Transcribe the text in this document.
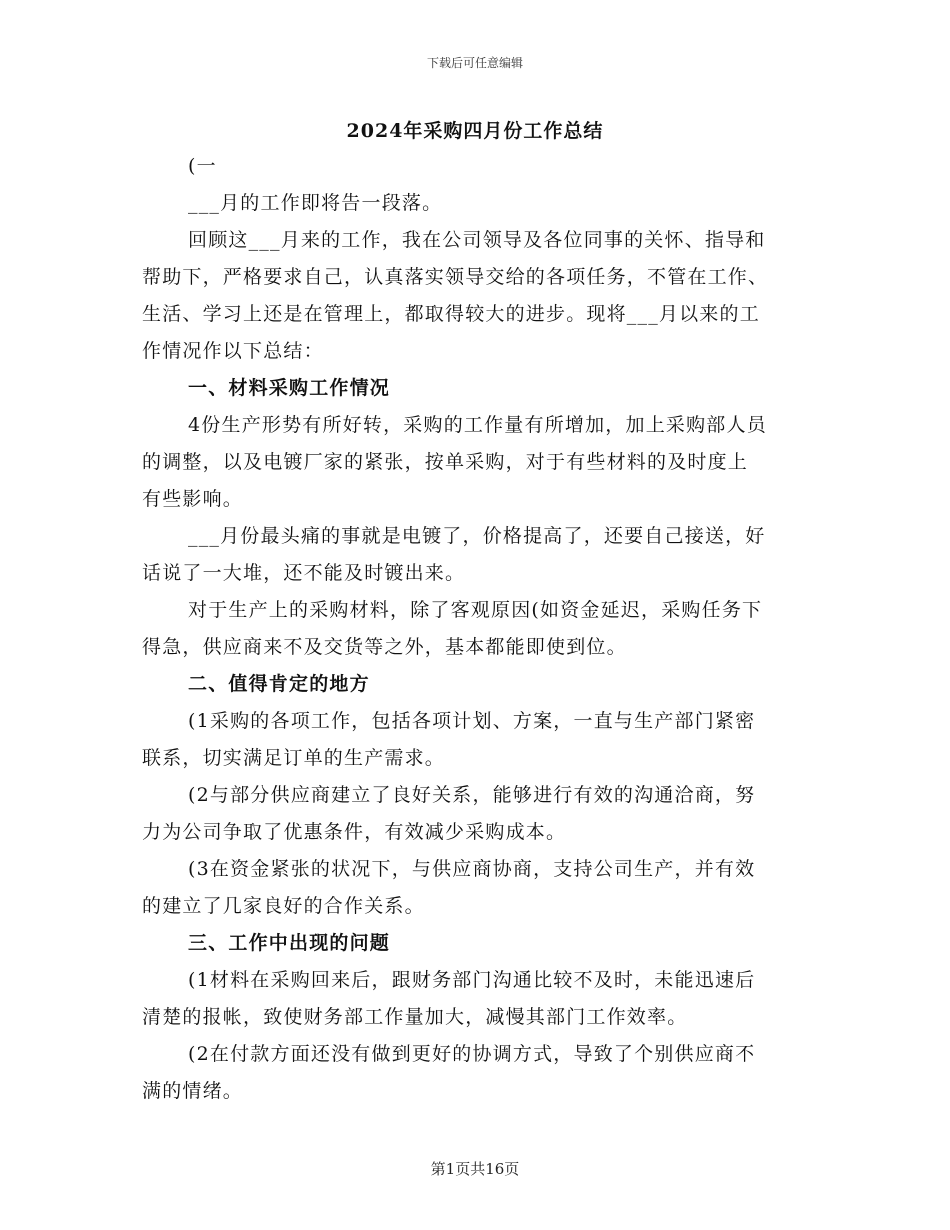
下载后可任意编辑
2024年采购四月份工作总结
(一
___月的工作即将告一段落。
回顾这___月来的工作，我在公司领导及各位同事的关怀、指导和
帮助下，严格要求自己，认真落实领导交给的各项任务，不管在工作、
生活、学习上还是在管理上，都取得较大的进步。现将___月以来的工
作情况作以下总结：
一、材料采购工作情况
4份生产形势有所好转，采购的工作量有所增加，加上采购部人员
的调整，以及电镀厂家的紧张，按单采购，对于有些材料的及时度上
有些影响。
___月份最头痛的事就是电镀了，价格提高了，还要自己接送，好
话说了一大堆，还不能及时镀出来。
对于生产上的采购材料，除了客观原因(如资金延迟，采购任务下
得急，供应商来不及交货等之外，基本都能即使到位。
二、值得肯定的地方
(1采购的各项工作，包括各项计划、方案，一直与生产部门紧密
联系，切实满足订单的生产需求。
(2与部分供应商建立了良好关系，能够进行有效的沟通洽商，努
力为公司争取了优惠条件，有效减少采购成本。
(3在资金紧张的状况下，与供应商协商，支持公司生产，并有效
的建立了几家良好的合作关系。
三、工作中出现的问题
(1材料在采购回来后，跟财务部门沟通比较不及时，未能迅速后
清楚的报帐，致使财务部工作量加大，减慢其部门工作效率。
(2在付款方面还没有做到更好的协调方式，导致了个别供应商不
满的情绪。
第1页共16页
